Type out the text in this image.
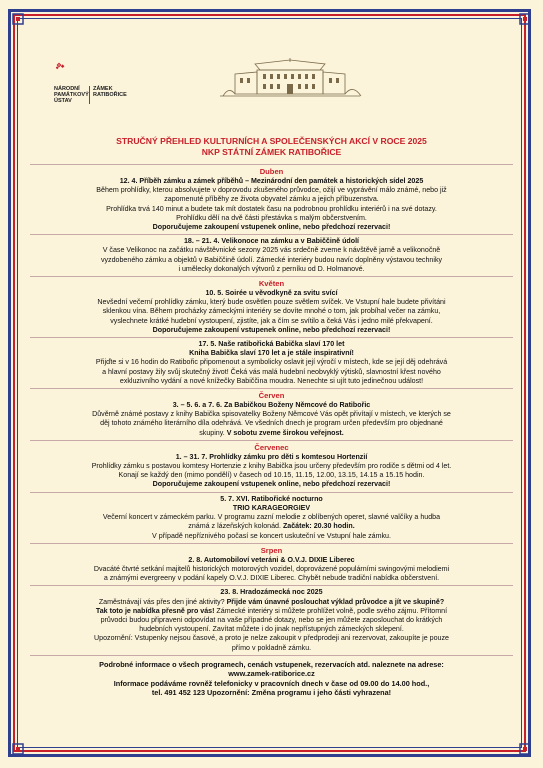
NÁRODNÍ
PAMÁTKOVÝ
ÚSTAV
ZÁMEK
RATIBOŘICE
STRUČNÝ PŘEHLED KULTURNÍCH A SPOLEČENSKÝCH AKCÍ V ROCE 2025
NKP STÁTNÍ ZÁMEK RATIBOŘICE
Duben
12. 4. Příběh zámku a zámek příběhů – Mezinárodní den památek a historických sídel 2025
Během prohlídky, kterou absolvujete v doprovodu zkušeného průvodce, ožijí ve vyprávění málo známé, nebo již
zapomenuté příběhy ze života obyvatel zámku a jejich příbuzenstva.
Prohlídka trvá 140 minut a budete tak mít dostatek času na podrobnou prohlídku interiérů i na své dotazy.
Prohlídku dělí na dvě části přestávka s malým občerstvením.
Doporučujeme zakoupení vstupenek online, nebo předchozí rezervaci!
18. – 21. 4. Velikonoce na zámku a v Babiččině údolí
V čase Velikonoc na začátku návštěvnické sezony 2025 vás srdečně zveme k návštěvě jarně a velikonočně
vyzdobeného zámku a objektů v Babiččině údolí. Zámecké interiéry budou navíc doplněny výstavou techniky
i umělecky dokonalých výtvorů z perníku od D. Holmanové.
Květen
10. 5. Soirée u věvodkyně za svitu svící
Nevšední večerní prohlídky zámku, který bude osvětlen pouze světlem svíček. Ve Vstupní hale budete přivítáni
sklenkou vína. Během procházky zámeckými interiéry se dovíte mnohé o tom, jak probíhal večer na zámku,
vyslechnete krátké hudební vystoupení, zjistíte, jak a čím se svítilo a čeká Vás i jedno milé překvapení.
Doporučujeme zakoupení vstupenek online, nebo předchozí rezervaci!
17. 5. Naše ratibořická Babička slaví 170 let
Kniha Babička slaví 170 let a je stále inspirativní!
Přijďte si v 16 hodin do Ratibořic připomenout a symbolicky oslavit její výročí v místech, kde se její děj odehrává
a hlavní postavy žily svůj skutečný život! Čeká vás malá hudební neobvyklý výtisků, slavnostní křest nového
exkluzivního vydání a nové knížečky Babiččina moudra. Nenechte si ujít tuto jedinečnou událost!
Červen
3. – 5. 6. a 7. 6. Za Babičkou Boženy Němcové do Ratibořic
Důvěrně známé postavy z knihy Babička spisovatelky Boženy Němcové Vás opět přivítají v místech, ve kterých se
děj tohoto známého literárního díla odehrává. Ve všedních dnech je program určen především pro objednané
skupiny. V sobotu zveme širokou veřejnost.
Červenec
1. – 31. 7. Prohlídky zámku pro děti s komtesou Hortenzií
Prohlídky zámku s postavou komtesy Hortenzie z knihy Babička jsou určeny především pro rodiče s dětmi od 4 let.
Konají se každý den (mimo pondělí) v časech od 10.15, 11.15, 12.00, 13.15, 14.15 a 15.15 hodin.
Doporučujeme zakoupení vstupenek online, nebo předchozí rezervaci!
5. 7. XVI. Ratibořické nocturno
TRIO KARAGEORGIEV
Večerní koncert v zámeckém parku. V programu zazní melodie z oblíbených operet, slavné valčíky a hudba
známá z lázeňských kolonád. Začátek: 20.30 hodin.
V případě nepříznivého počasí se koncert uskuteční ve Vstupní hale zámku.
Srpen
2. 8. Automobiloví veteráni & O.V.J. DIXIE Liberec
Dvacáté čtvrté setkání majitelů historických motorových vozidel, doprovázené populárními swingovými melodiemi
a známými evergreeny v podání kapely O.V.J. DIXIE Liberec. Chybět nebude tradiční nabídka občerstvení.
23. 8. Hradozámecká noc 2025
Zaměstnávají vás přes den jiné aktivity? Přijde vám únavné poslouchat výklad průvodce a jít ve skupině?
Tak toto je nabídka přesně pro vás! Zámecké interiéry si můžete prohlížet volně, podle svého zájmu. Přítomní
průvodci budou připraveni odpovídat na vaše případné dotazy, nebo se jen můžete zaposlouchat do krátkých
hudebních vystoupení. Zavítat můžete i do jinak nepřístupných zámeckých sklepení.
Upozornění: Vstupenky nejsou časové, a proto je nelze zakoupit v předprodeji ani rezervovat, zakoupíte je pouze
přímo v pokladně zámku.
Podrobné informace o všech programech, cenách vstupenek, rezervacích atd. naleznete na adrese:
www.zamek-ratiborice.cz
Informace podáváme rovněž telefonicky v pracovních dnech v čase od 09.00 do 14.00 hod.,
tel. 491 452 123 Upozornění: Změna programu i jeho části vyhrazena!
